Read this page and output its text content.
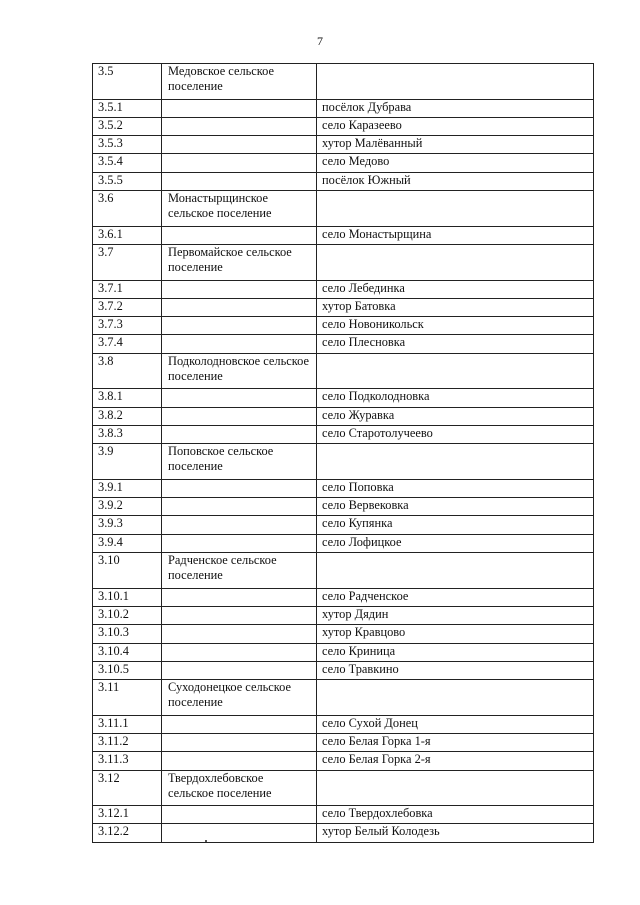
7
3.5	Медовское сельское поселение	
3.5.1		посёлок Дубрава
3.5.2		село Каразеево
3.5.3		хутор Малёванный
3.5.4		село Медово
3.5.5		посёлок Южный
3.6	Монастырщинское сельское поселение	
3.6.1		село Монастырщина
3.7	Первомайское сельское поселение	
3.7.1		село Лебединка
3.7.2		хутор Батовка
3.7.3		село Новоникольск
3.7.4		село Плесновка
3.8	Подколодновское сельское поселение	
3.8.1		село Подколодновка
3.8.2		село Журавка
3.8.3		село Старотолучеево
3.9	Поповское сельское поселение	
3.9.1		село Поповка
3.9.2		село Вервековка
3.9.3		село Купянка
3.9.4		село Лофицкое
3.10	Радченское сельское поселение	
3.10.1		село Радченское
3.10.2		хутор Дядин
3.10.3		хутор Кравцово
3.10.4		село Криница
3.10.5		село Травкино
3.11	Суходонецкое сельское поселение	
3.11.1		село Сухой Донец
3.11.2		село Белая Горка 1-я
3.11.3		село Белая Горка 2-я
3.12	Твердохлебовское сельское поселение	
3.12.1		село Твердохлебовка
3.12.2		хутор Белый Колодезь
